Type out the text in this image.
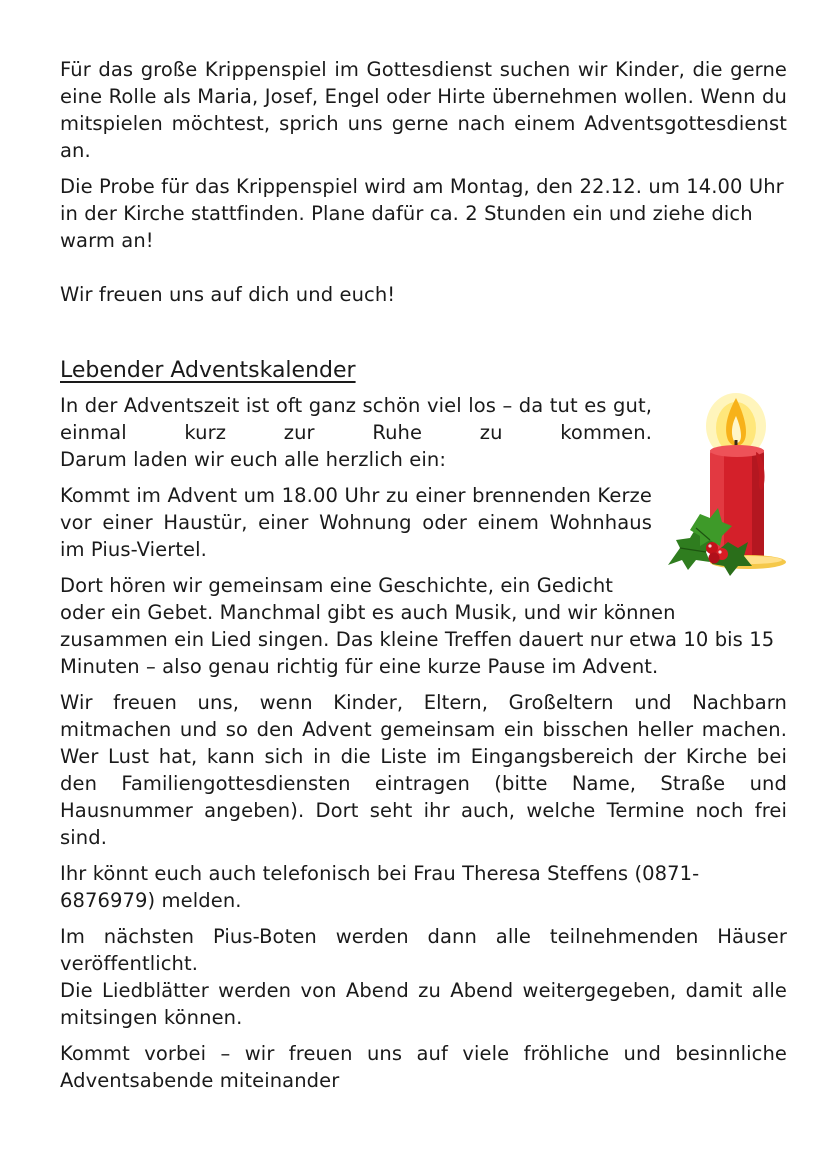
Für das große Krippenspiel im Gottesdienst suchen wir Kinder, die gerne eine Rolle als Maria, Josef, Engel oder Hirte übernehmen wollen. Wenn du mitspielen möchtest, sprich uns gerne nach einem Adventsgottesdienst an.

Die Probe für das Krippenspiel wird am Montag, den 22.12. um 14.00 Uhr in der Kirche stattfinden. Plane dafür ca. 2 Stunden ein und ziehe dich warm an!

Wir freuen uns auf dich und euch!

Lebender Adventskalender

In der Adventszeit ist oft ganz schön viel los – da tut es gut, einmal kurz zur Ruhe zu kommen.
Darum laden wir euch alle herzlich ein:

Kommt im Advent um 18.00 Uhr zu einer brennenden Kerze vor einer Haustür, einer Wohnung oder einem Wohnhaus im Pius-Viertel.

Dort hören wir gemeinsam eine Geschichte, ein Gedicht oder ein Gebet. Manchmal gibt es auch Musik, und wir können zusammen ein Lied singen. Das kleine Treffen dauert nur etwa 10 bis 15 Minuten – also genau richtig für eine kurze Pause im Advent.

Wir freuen uns, wenn Kinder, Eltern, Großeltern und Nachbarn mitmachen und so den Advent gemeinsam ein bisschen heller machen. Wer Lust hat, kann sich in die Liste im Eingangsbereich der Kirche bei den Familiengottesdiensten eintragen (bitte Name, Straße und Hausnummer angeben). Dort seht ihr auch, welche Termine noch frei sind.

Ihr könnt euch auch telefonisch bei Frau Theresa Steffens (0871-6876979) melden.

Im nächsten Pius-Boten werden dann alle teilnehmenden Häuser veröffentlicht.
Die Liedblätter werden von Abend zu Abend weitergegeben, damit alle mitsingen können.

Kommt vorbei – wir freuen uns auf viele fröhliche und besinnliche Adventsabende miteinander
